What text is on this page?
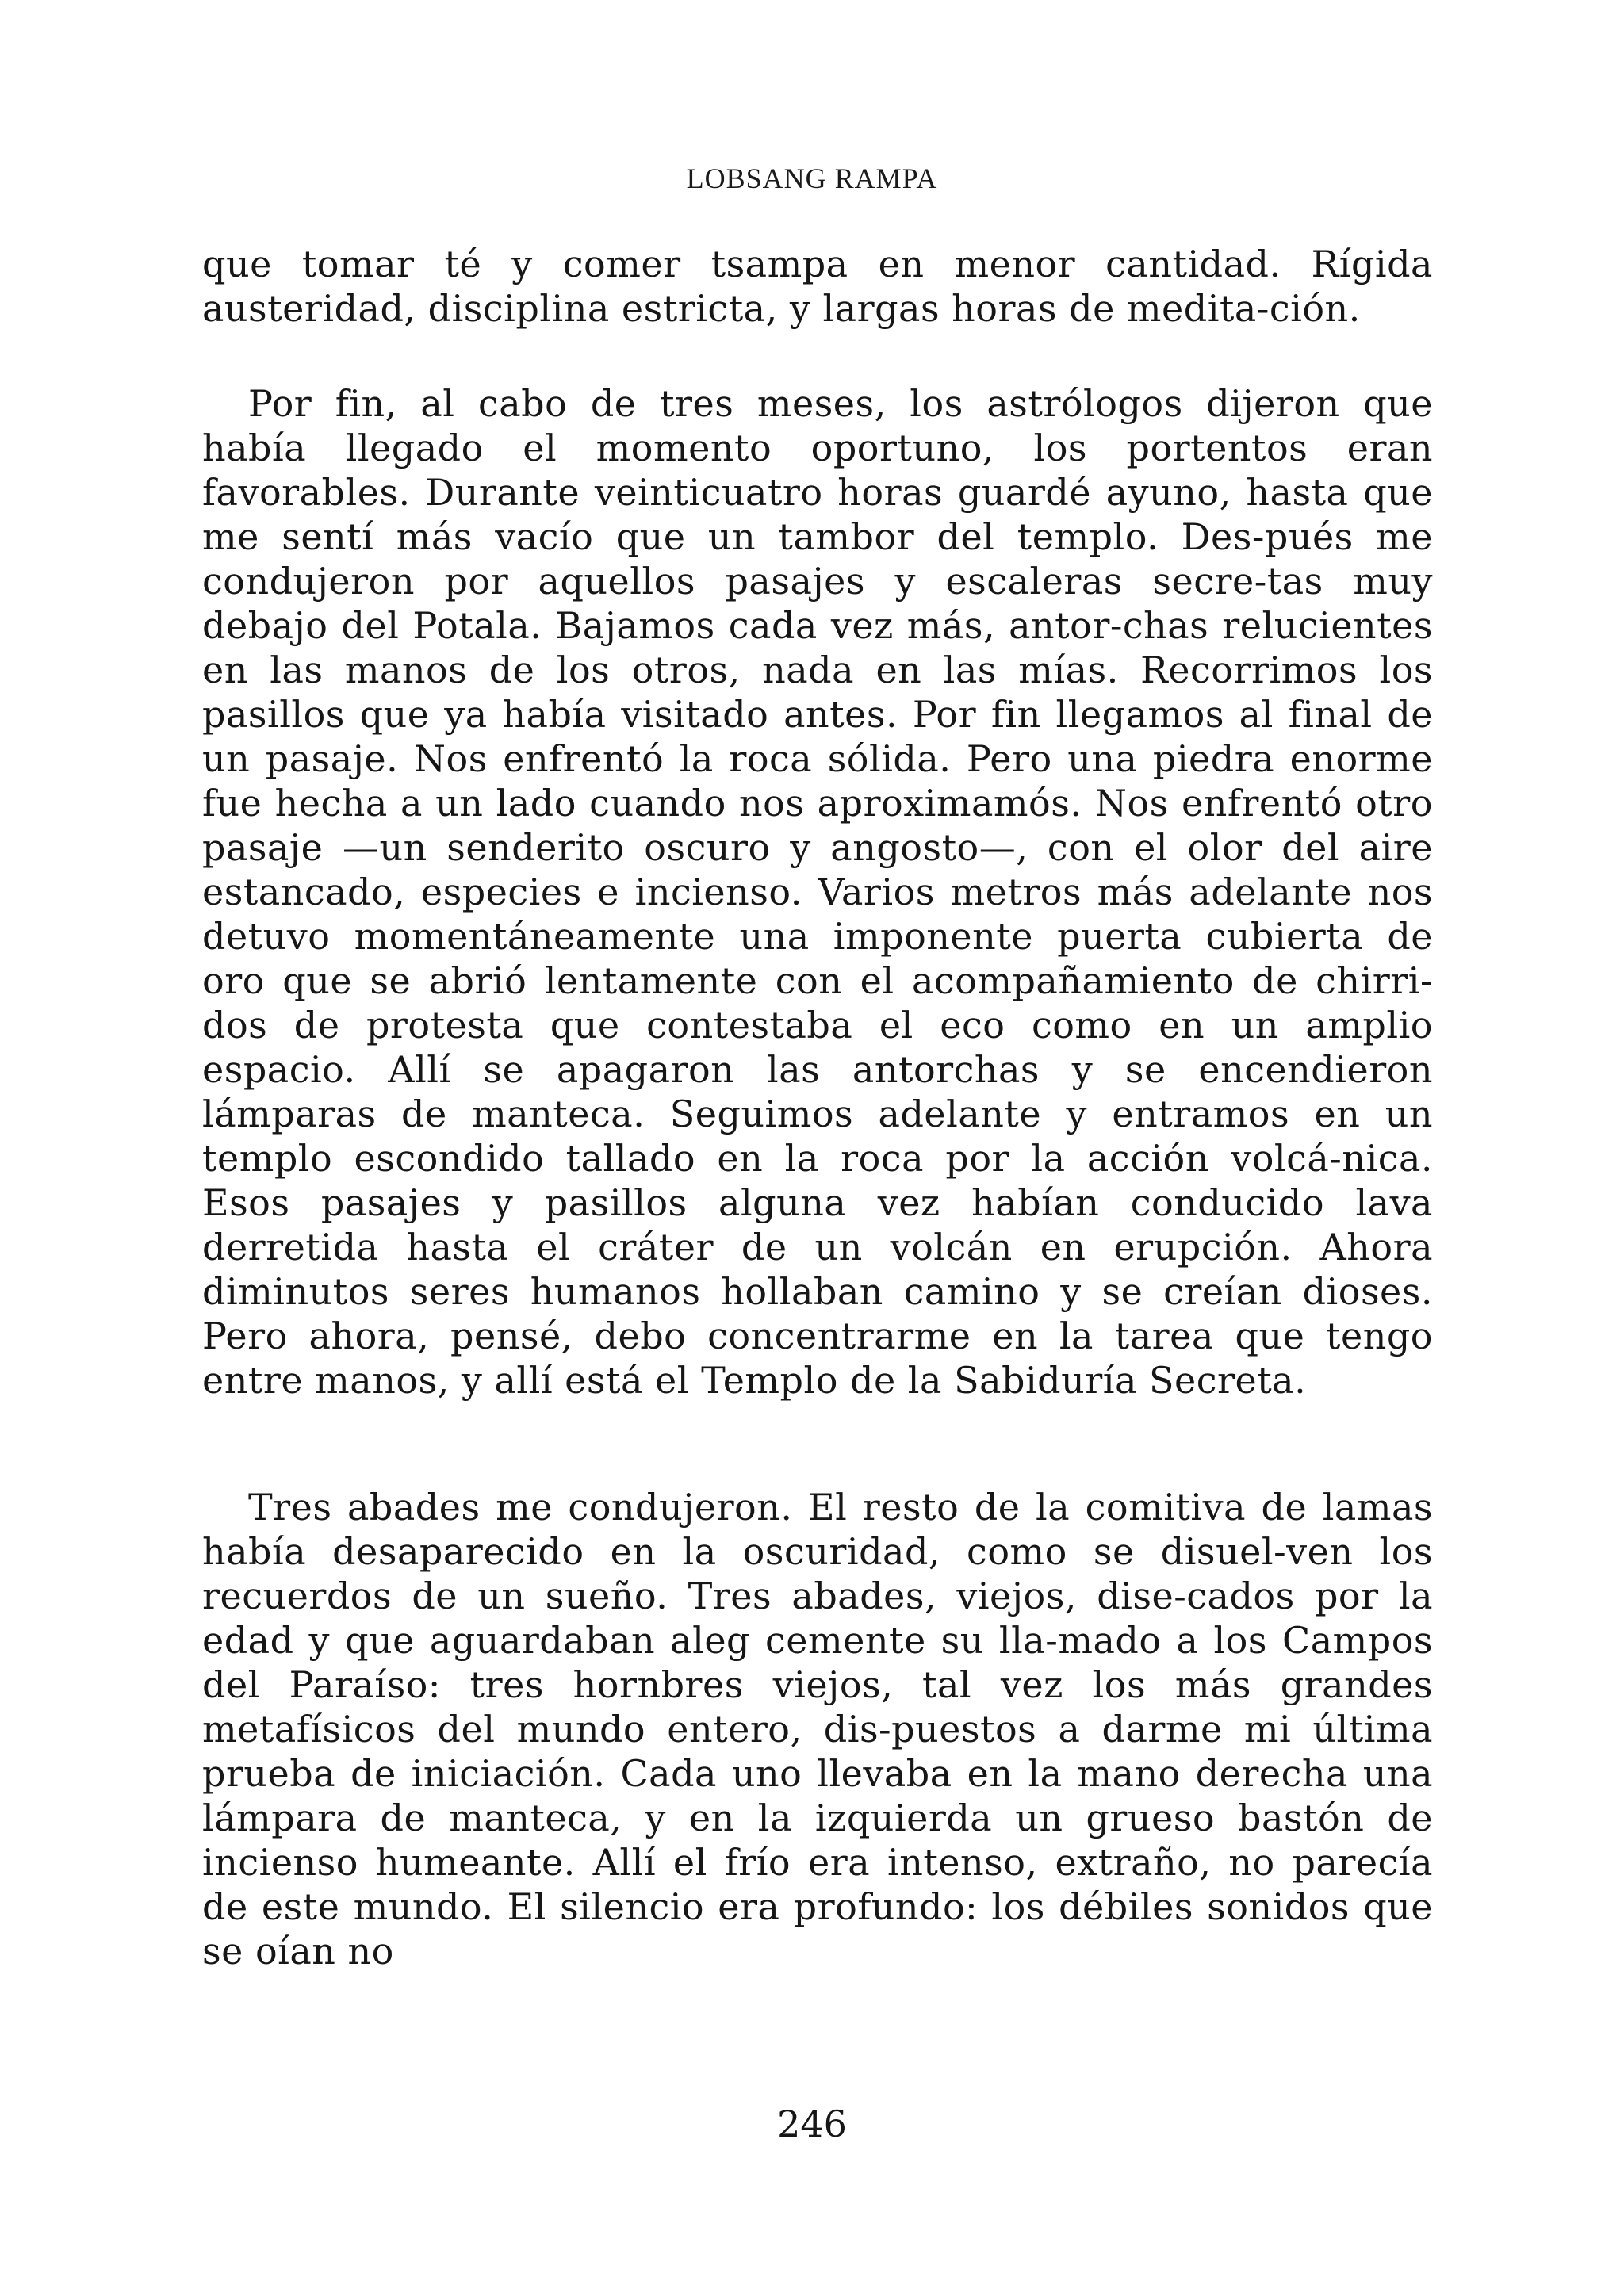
LOBSANG RAMPA

que tomar té y comer tsampa en menor cantidad. Rígida austeridad, disciplina estricta, y largas horas de medita-ción.

Por fin, al cabo de tres meses, los astrólogos dijeron que había llegado el momento oportuno, los portentos eran favorables. Durante veinticuatro horas guardé ayuno, hasta que me sentí más vacío que un tambor del templo. Des-pués me condujeron por aquellos pasajes y escaleras secre-tas muy debajo del Potala. Bajamos cada vez más, antor-chas relucientes en las manos de los otros, nada en las mías. Recorrimos los pasillos que ya había visitado antes. Por fin llegamos al final de un pasaje. Nos enfrentó la roca sólida. Pero una piedra enorme fue hecha a un lado cuando nos aproximamós. Nos enfrentó otro pasaje —un senderito oscuro y angosto—, con el olor del aire estancado, especies e incienso. Varios metros más adelante nos detuvo momentáneamente una imponente puerta cubierta de oro que se abrió lentamente con el acompañamiento de chirri-dos de protesta que contestaba el eco como en un amplio espacio. Allí se apagaron las antorchas y se encendieron lámparas de manteca. Seguimos adelante y entramos en un templo escondido tallado en la roca por la acción volcá-nica. Esos pasajes y pasillos alguna vez habían conducido lava derretida hasta el cráter de un volcán en erupción. Ahora diminutos seres humanos hollaban camino y se creían dioses. Pero ahora, pensé, debo concentrarme en la tarea que tengo entre manos, y allí está el Templo de la Sabiduría Secreta.

Tres abades me condujeron. El resto de la comitiva de lamas había desaparecido en la oscuridad, como se disuel-ven los recuerdos de un sueño. Tres abades, viejos, dise-cados por la edad y que aguardaban aleg cemente su lla-mado a los Campos del Paraíso: tres hornbres viejos, tal vez los más grandes metafísicos del mundo entero, dis-puestos a darme mi última prueba de iniciación. Cada uno llevaba en la mano derecha una lámpara de manteca, y en la izquierda un grueso bastón de incienso humeante. Allí el frío era intenso, extraño, no parecía de este mundo. El silencio era profundo: los débiles sonidos que se oían no

246
